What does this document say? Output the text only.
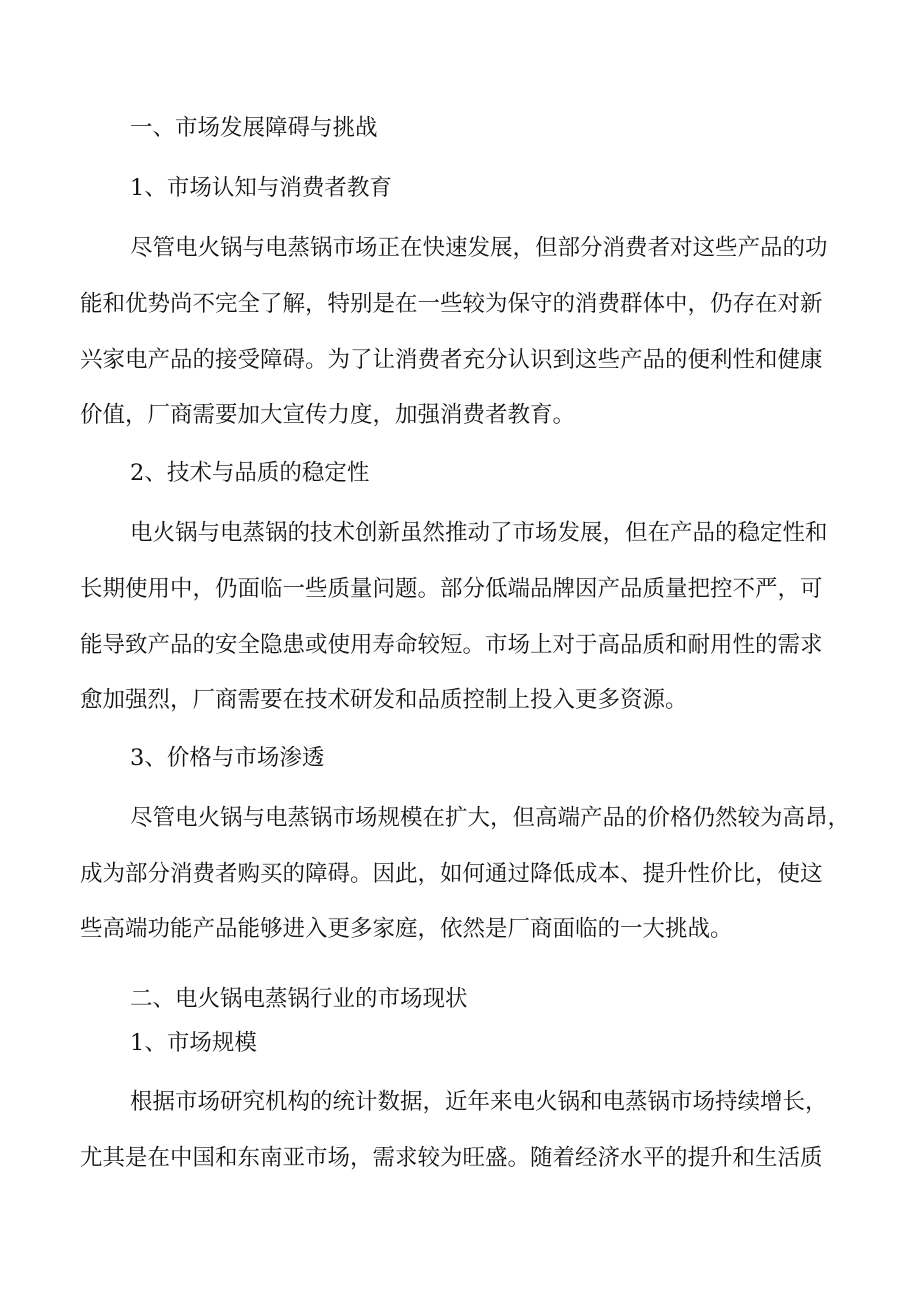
一、市场发展障碍与挑战
1、市场认知与消费者教育
尽管电火锅与电蒸锅市场正在快速发展，但部分消费者对这些产品的功
能和优势尚不完全了解，特别是在一些较为保守的消费群体中，仍存在对新
兴家电产品的接受障碍。为了让消费者充分认识到这些产品的便利性和健康
价值，厂商需要加大宣传力度，加强消费者教育。
2、技术与品质的稳定性
电火锅与电蒸锅的技术创新虽然推动了市场发展，但在产品的稳定性和
长期使用中，仍面临一些质量问题。部分低端品牌因产品质量把控不严，可
能导致产品的安全隐患或使用寿命较短。市场上对于高品质和耐用性的需求
愈加强烈，厂商需要在技术研发和品质控制上投入更多资源。
3、价格与市场渗透
尽管电火锅与电蒸锅市场规模在扩大，但高端产品的价格仍然较为高昂，
成为部分消费者购买的障碍。因此，如何通过降低成本、提升性价比，使这
些高端功能产品能够进入更多家庭，依然是厂商面临的一大挑战。
二、电火锅电蒸锅行业的市场现状
1、市场规模
根据市场研究机构的统计数据，近年来电火锅和电蒸锅市场持续增长，
尤其是在中国和东南亚市场，需求较为旺盛。随着经济水平的提升和生活质
